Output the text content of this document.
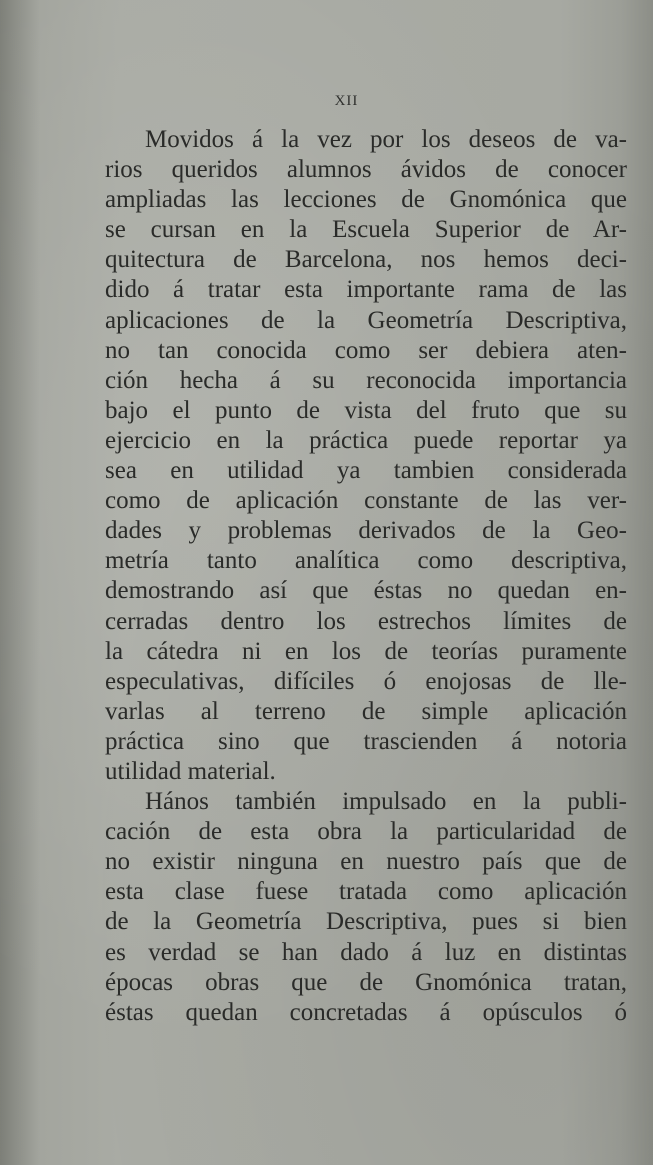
XII
Movidos á la vez por los deseos de va-
rios queridos alumnos ávidos de conocer
ampliadas las lecciones de Gnomónica que
se cursan en la Escuela Superior de Ar-
quitectura de Barcelona, nos hemos deci-
dido á tratar esta importante rama de las
aplicaciones de la Geometría Descriptiva,
no tan conocida como ser debiera aten-
ción hecha á su reconocida importancia
bajo el punto de vista del fruto que su
ejercicio en la práctica puede reportar ya
sea en utilidad ya tambien considerada
como de aplicación constante de las ver-
dades y problemas derivados de la Geo-
metría tanto analítica como descriptiva,
demostrando así que éstas no quedan en-
cerradas dentro los estrechos límites de
la cátedra ni en los de teorías puramente
especulativas, difíciles ó enojosas de lle-
varlas al terreno de simple aplicación
práctica sino que trascienden á notoria
utilidad material.
Hános también impulsado en la publi-
cación de esta obra la particularidad de
no existir ninguna en nuestro país que de
esta clase fuese tratada como aplicación
de la Geometría Descriptiva, pues si bien
es verdad se han dado á luz en distintas
épocas obras que de Gnomónica tratan,
éstas quedan concretadas á opúsculos ó
